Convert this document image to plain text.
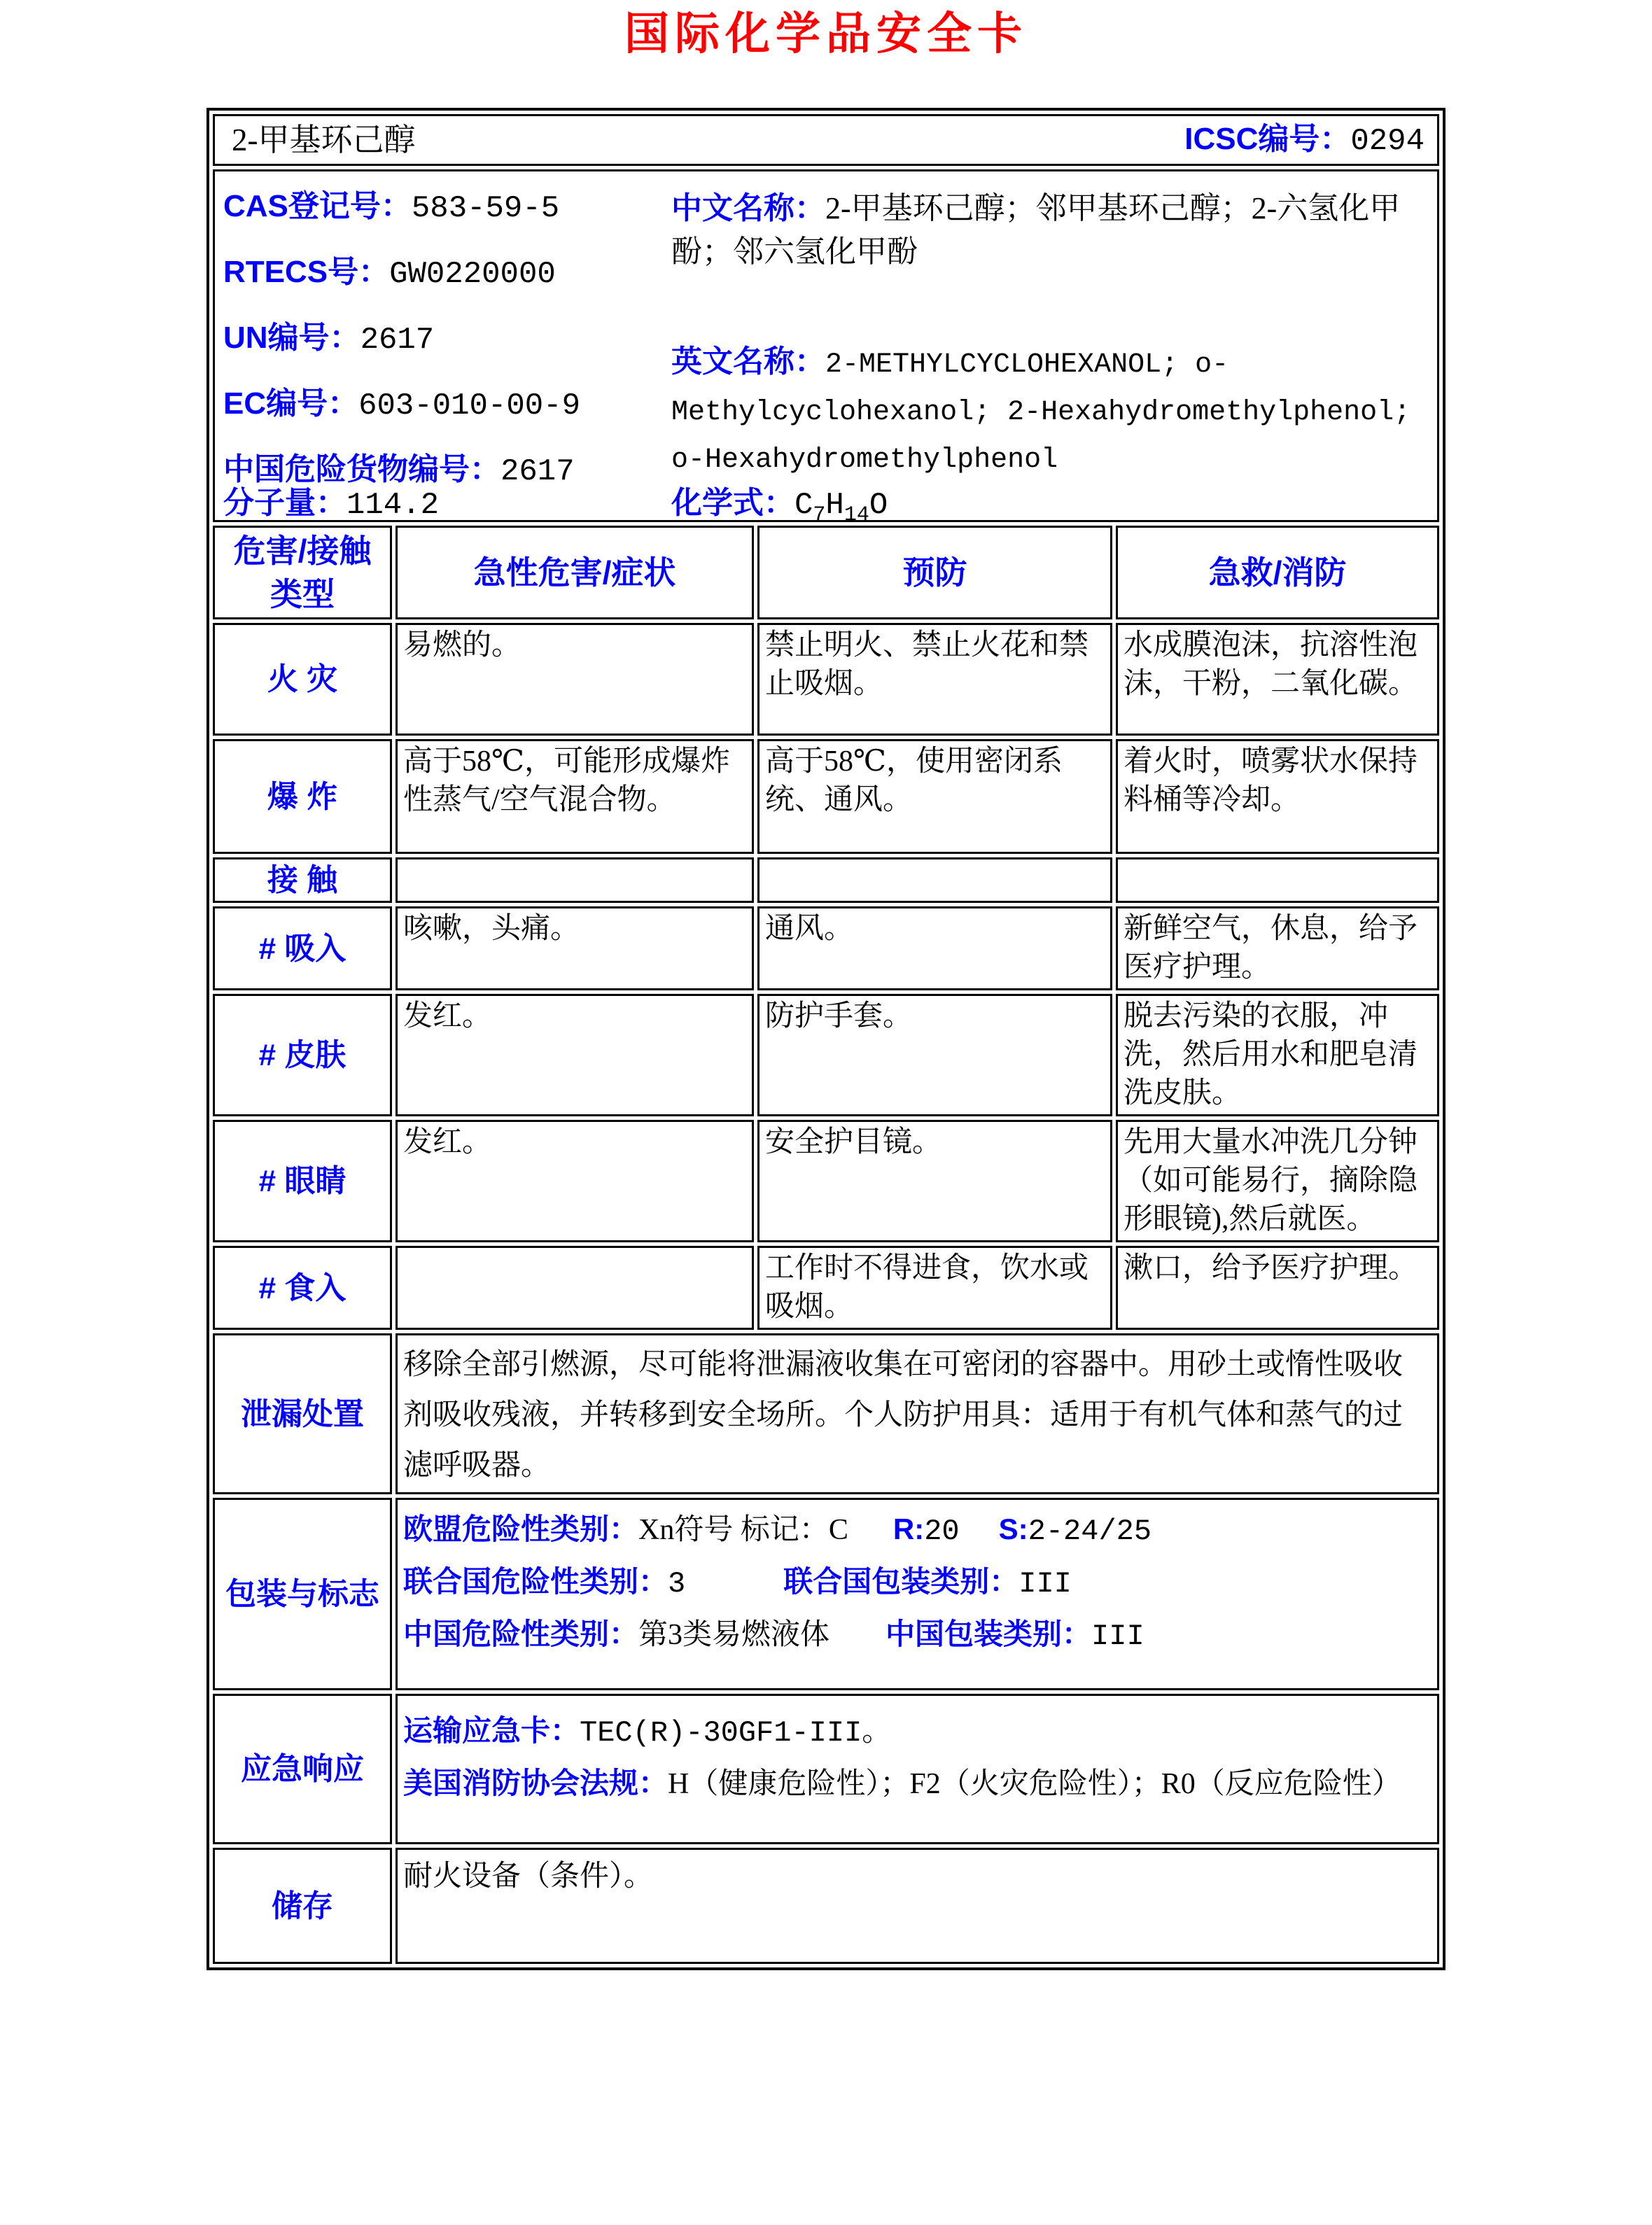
国际化学品安全卡
2-甲基环己醇 ICSC编号：0294			

CAS登记号：583-59-5
RTECS号：GW0220000
UN编号：2617
EC编号：603-010-00-9
中国危险货物编号：2617
中文名称：2-甲基环己醇；邻甲基环己醇；2-六氢化甲酚；邻六氢化甲酚
英文名称：2-METHYLCYCLOHEXANOL; o-Methylcyclohexanol; 2-Hexahydromethylphenol; o-Hexahydromethylphenol
分子量：114.2	化学式：$C_7H_{14}O$

危害/接触
类型	急性危害/症状	预防	急救/消防
火 灾	易燃的。	禁止明火、禁止火花和禁止吸烟。	水成膜泡沫，抗溶性泡沫，干粉，二氧化碳。
爆 炸	高于58℃，可能形成爆炸性蒸气/空气混合物。	高于58℃，使用密闭系统、通风。	着火时，喷雾状水保持料桶等冷却。
接 触			
# 吸入	咳嗽，头痛。	通风。	新鲜空气，休息，给予医疗护理。
# 皮肤	发红。	防护手套。	脱去污染的衣服，冲洗，然后用水和肥皂清洗皮肤。
# 眼睛	发红。	安全护目镜。	先用大量水冲洗几分钟（如可能易行，摘除隐形眼镜),然后就医。
# 食入		工作时不得进食，饮水或吸烟。	漱口，给予医疗护理。
泄漏处置	移除全部引燃源，尽可能将泄漏液收集在可密闭的容器中。用砂土或惰性吸收剂吸收残液，并转移到安全场所。个人防护用具：适用于有机气体和蒸气的过滤呼吸器。		
包装与标志	欧盟危险性类别：Xn符号 标记：C R:20 S:2-24/25
联合国危险性类别：3 联合国包装类别：III
中国危险性类别：第3类易燃液体 中国包装类别：III		

应急响应	运输应急卡：TEC(R)-30GF1-III。
美国消防协会法规：H（健康危险性）；F2（火灾危险性）；R0（反应危险性）		

储存	耐火设备（条件）。		
